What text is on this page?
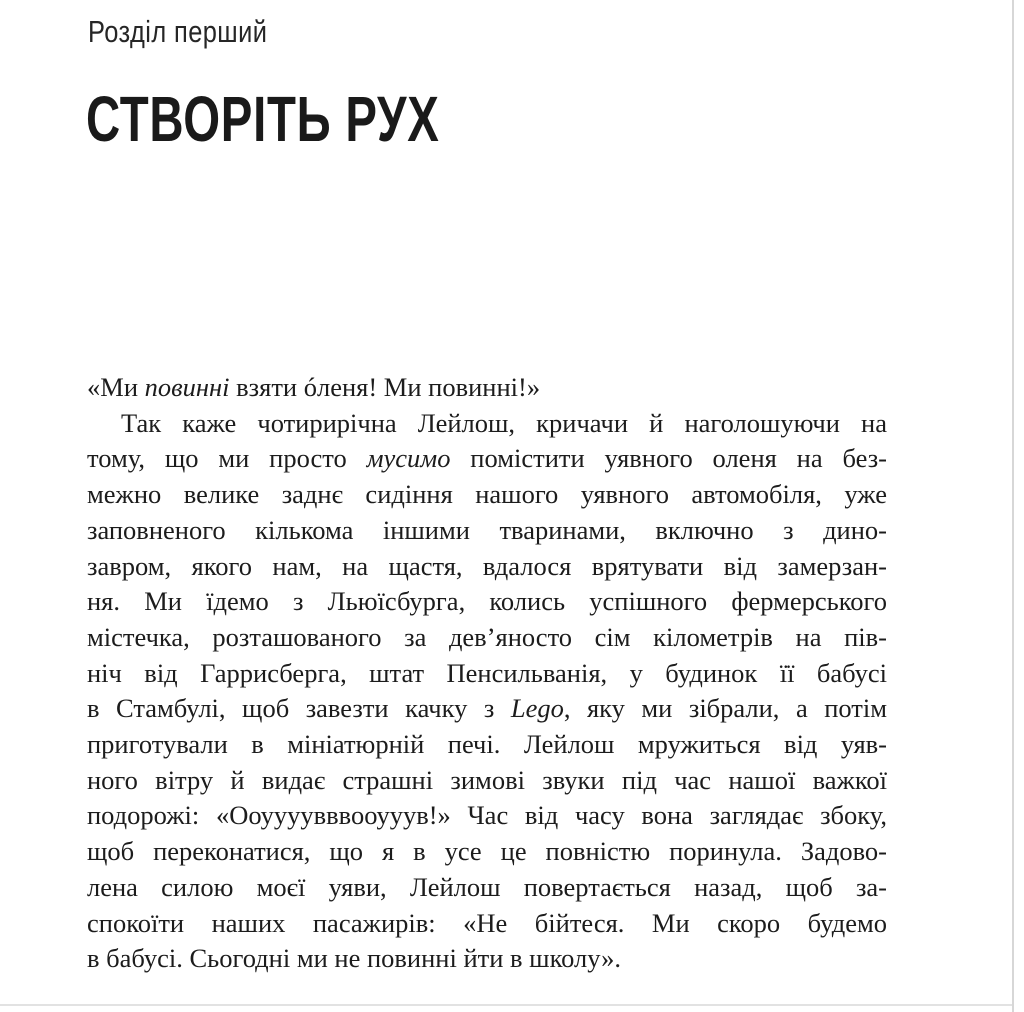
Розділ перший
СТВОРІТЬ РУХ
«Ми повинні взяти óленя! Ми повинні!»
Так каже чотирирічна Лейлош, кричачи й наголошуючи на
тому, що ми просто мусимо помістити уявного оленя на без-
межно велике заднє сидіння нашого уявного автомобіля, уже
заповненого кількома іншими тваринами, включно з дино-
завром, якого нам, на щастя, вдалося врятувати від замерзан-
ня. Ми їдемо з Льюїсбурга, колись успішного фермерського
містечка, розташованого за дев’яносто сім кілометрів на пів-
ніч від Гаррисберга, штат Пенсильванія, у будинок її бабусі
в Стамбулі, щоб завезти качку з Lego, яку ми зібрали, а потім
приготували в мініатюрній печі. Лейлош мружиться від уяв-
ного вітру й видає страшні зимові звуки під час нашої важкої
подорожі: «Ооуууувввооууув!» Час від часу вона заглядає збоку,
щоб переконатися, що я в усе це повністю поринула. Задово-
лена силою моєї уяви, Лейлош повертається назад, щоб за-
спокоїти наших пасажирів: «Не бійтеся. Ми скоро будемо
в бабусі. Сьогодні ми не повинні йти в школу».
